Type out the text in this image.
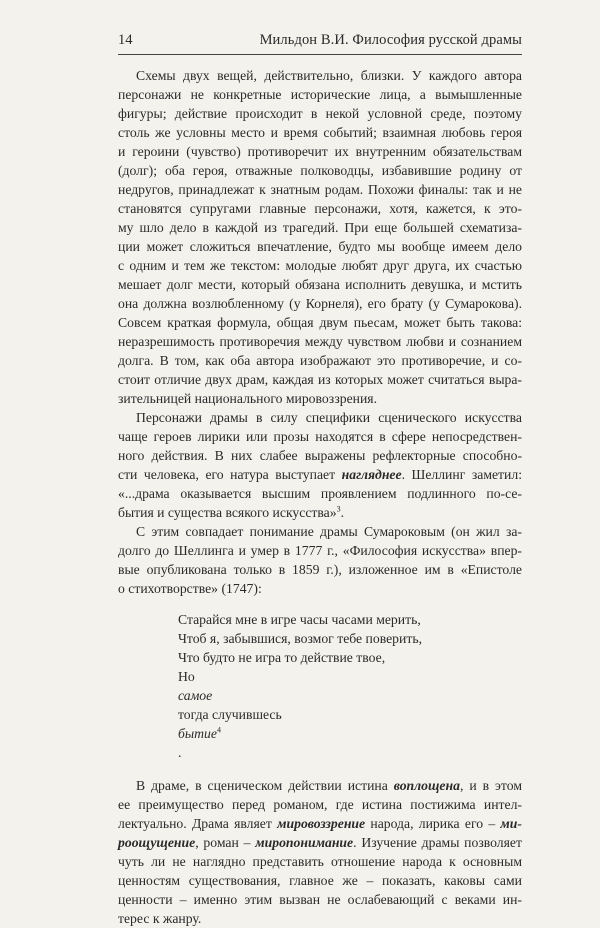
14	Мильдон В.И. Философия русской драмы
Схемы двух вещей, действительно, близки. У каждого автора
персонажи не конкретные исторические лица, а вымышленные
фигуры; действие происходит в некой условной среде, поэтому
столь же условны место и время событий; взаимная любовь героя
и героини (чувство) противоречит их внутренним обязательствам
(долг); оба героя, отважные полководцы, избавившие родину от
недругов, принадлежат к знатным родам. Похожи финалы: так и не
становятся супругами главные персонажи, хотя, кажется, к это-
му шло дело в каждой из трагедий. При еще большей схематиза-
ции может сложиться впечатление, будто мы вообще имеем дело
с одним и тем же текстом: молодые любят друг друга, их счастью
мешает долг мести, который обязана исполнить девушка, и мстить
она должна возлюбленному (у Корнеля), его брату (у Сумарокова).
Совсем краткая формула, общая двум пьесам, может быть такова:
неразрешимость противоречия между чувством любви и сознанием
долга. В том, как оба автора изображают это противоречие, и со-
стоит отличие двух драм, каждая из которых может считаться выра-
зительницей национального мировоззрения.
Персонажи драмы в силу специфики сценического искусства
чаще героев лирики или прозы находятся в сфере непосредствен-
ного действия. В них слабее выражены рефлекторные способно-
сти человека, его натура выступает нагляднее. Шеллинг заметил:
«...драма оказывается высшим проявлением подлинного по-се-
бытия и существа всякого искусства»$^3$.
С этим совпадает понимание драмы Сумароковым (он жил за-
долго до Шеллинга и умер в 1777 г., «Философия искусства» впер-
вые опубликована только в 1859 г.), изложенное им в «Епистоле
о стихотворстве» (1747):
Старайся мне в игре часы часами мерить,
Чтоб я, забывшися, возмог тебе поверить,
Что будто не игра то действие твое,
Но
самое
тогда случившесь
бытие$^4$
.
В драме, в сценическом действии истина воплощена, и в этом
ее преимущество перед романом, где истина постижима интел-
лектуально. Драма являет мировоззрение народа, лирика его – ми-
роощущение, роман – миропонимание. Изучение драмы позволяет
чуть ли не наглядно представить отношение народа к основным
ценностям существования, главное же – показать, каковы сами
ценности – именно этим вызван не ослабевающий с веками ин-
терес к жанру.
